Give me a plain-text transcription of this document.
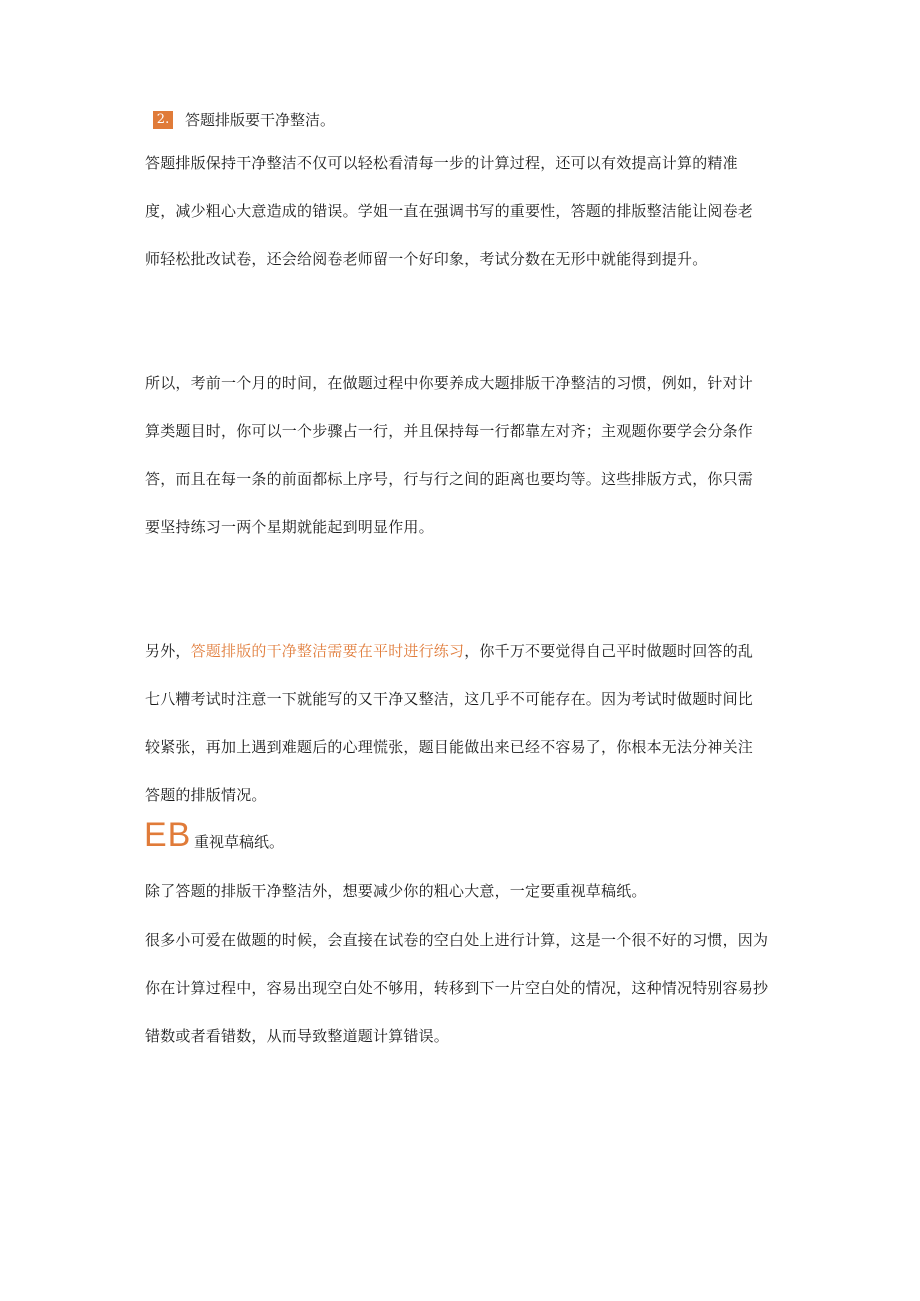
2. 答题排版要干净整洁。
答题排版保持干净整洁不仅可以轻松看清每一步的计算过程，还可以有效提高计算的精准
度，减少粗心大意造成的错误。学姐一直在强调书写的重要性，答题的排版整洁能让阅卷老
师轻松批改试卷，还会给阅卷老师留一个好印象，考试分数在无形中就能得到提升。
所以，考前一个月的时间，在做题过程中你要养成大题排版干净整洁的习惯，例如，针对计
算类题目时，你可以一个步骤占一行，并且保持每一行都靠左对齐；主观题你要学会分条作
答，而且在每一条的前面都标上序号，行与行之间的距离也要均等。这些排版方式，你只需
要坚持练习一两个星期就能起到明显作用。
另外，答题排版的干净整洁需要在平时进行练习，你千万不要觉得自己平时做题时回答的乱
七八糟考试时注意一下就能写的又干净又整洁，这几乎不可能存在。因为考试时做题时间比
较紧张，再加上遇到难题后的心理慌张，题目能做出来已经不容易了，你根本无法分神关注
答题的排版情况。
EB 重视草稿纸。
除了答题的排版干净整洁外，想要减少你的粗心大意，一定要重视草稿纸。
很多小可爱在做题的时候，会直接在试卷的空白处上进行计算，这是一个很不好的习惯，因为
你在计算过程中，容易出现空白处不够用，转移到下一片空白处的情况，这种情况特别容易抄
错数或者看错数，从而导致整道题计算错误。
